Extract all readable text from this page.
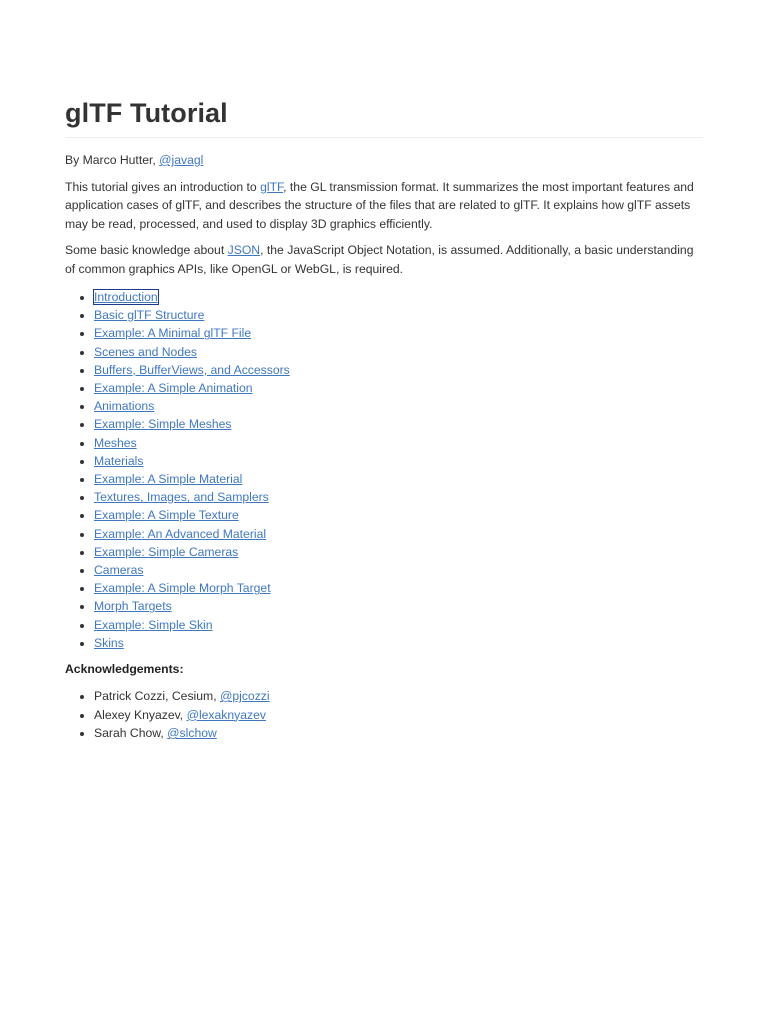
glTF Tutorial

By Marco Hutter, @javagl

This tutorial gives an introduction to glTF, the GL transmission format. It summarizes the most important features and application cases of glTF, and describes the structure of the files that are related to glTF. It explains how glTF assets may be read, processed, and used to display 3D graphics efficiently.

Some basic knowledge about JSON, the JavaScript Object Notation, is assumed. Additionally, a basic understanding of common graphics APIs, like OpenGL or WebGL, is required.

• Introduction
• Basic glTF Structure
• Example: A Minimal glTF File
• Scenes and Nodes
• Buffers, BufferViews, and Accessors
• Example: A Simple Animation
• Animations
• Example: Simple Meshes
• Meshes
• Materials
• Example: A Simple Material
• Textures, Images, and Samplers
• Example: A Simple Texture
• Example: An Advanced Material
• Example: Simple Cameras
• Cameras
• Example: A Simple Morph Target
• Morph Targets
• Example: Simple Skin
• Skins
Acknowledgements:
• Patrick Cozzi, Cesium, @pjcozzi
• Alexey Knyazev, @lexaknyazev
• Sarah Chow, @slchow
